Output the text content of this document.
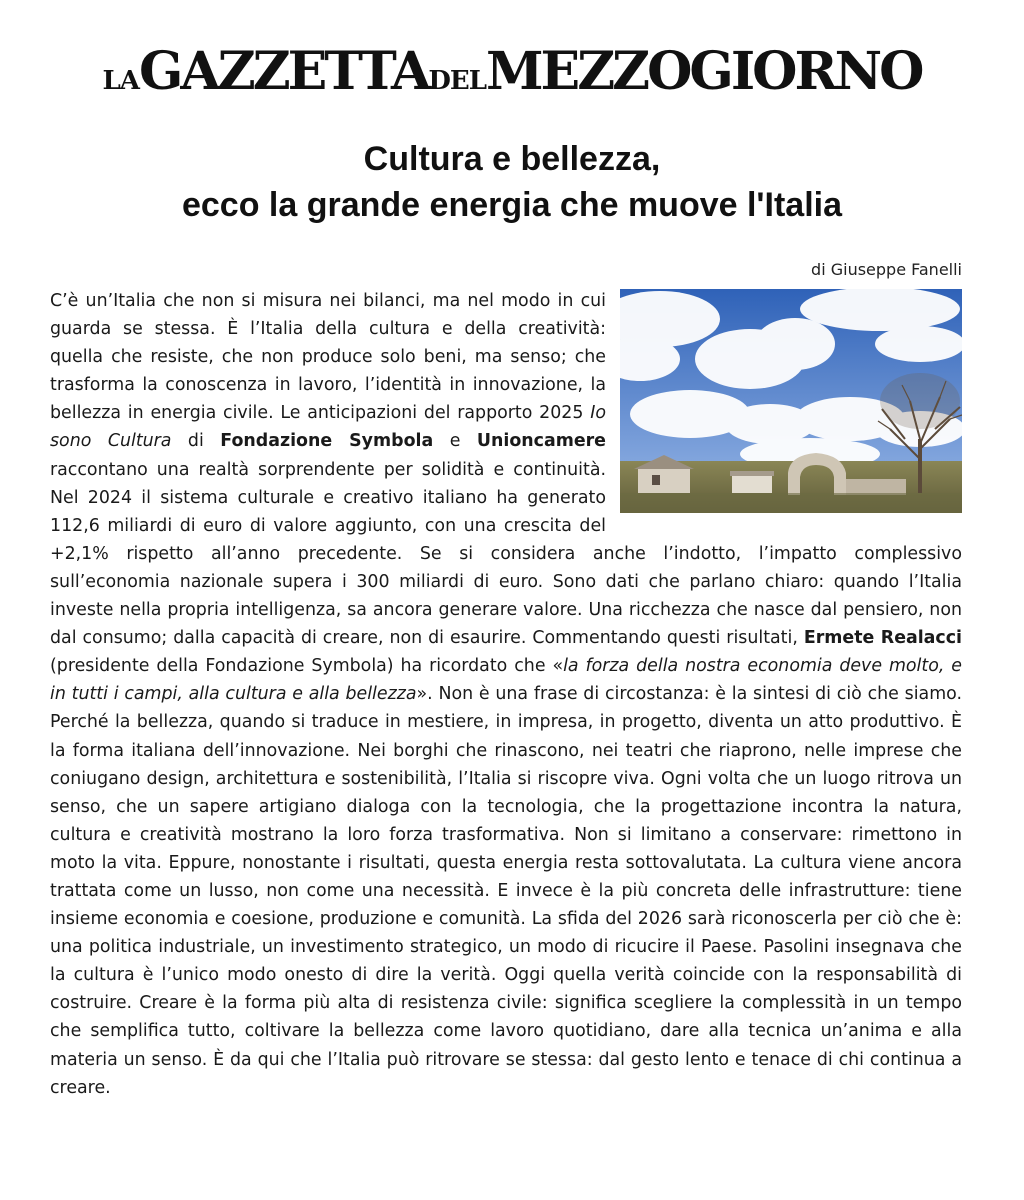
LAGAZZETTADELMEZZOGIORNO
Cultura e bellezza,
ecco la grande energia che muove l'Italia
di Giuseppe Fanelli

C’è un’Italia che non si misura nei bilanci, ma nel modo in cui guarda se stessa. È l’Italia della cultura e della creatività: quella che resiste, che non produce solo beni, ma senso; che trasforma la conoscenza in lavoro, l’identità in innovazione, la bellezza in energia civile. Le anticipazioni del rapporto 2025 Io sono Cultura di Fondazione Symbola e Unioncamere raccontano una realtà sorprendente per solidità e continuità. Nel 2024 il sistema culturale e creativo italiano ha generato 112,6 miliardi di euro di valore aggiunto, con una crescita del +2,1% rispetto all’anno precedente. Se si considera anche l’indotto, l’impatto complessivo sull’economia nazionale supera i 300 miliardi di euro. Sono dati che parlano chiaro: quando l’Italia investe nella propria intelligenza, sa ancora generare valore. Una ricchezza che nasce dal pensiero, non dal consumo; dalla capacità di creare, non di esaurire. Commentando questi risultati, Ermete Realacci (presidente della Fondazione Symbola) ha ricordato che «la forza della nostra economia deve molto, e in tutti i campi, alla cultura e alla bellezza». Non è una frase di circostanza: è la sintesi di ciò che siamo. Perché la bellezza, quando si traduce in mestiere, in impresa, in progetto, diventa un atto produttivo. È la forma italiana dell’innovazione. Nei borghi che rinascono, nei teatri che riaprono, nelle imprese che coniugano design, architettura e sostenibilità, l’Italia si riscopre viva. Ogni volta che un luogo ritrova un senso, che un sapere artigiano dialoga con la tecnologia, che la progettazione incontra la natura, cultura e creatività mostrano la loro forza trasformativa. Non si limitano a conservare: rimettono in moto la vita. Eppure, nonostante i risultati, questa energia resta sottovalutata. La cultura viene ancora trattata come un lusso, non come una necessità. E invece è la più concreta delle infrastrutture: tiene insieme economia e coesione, produzione e comunità. La sfida del 2026 sarà riconoscerla per ciò che è: una politica industriale, un investimento strategico, un modo di ricucire il Paese. Pasolini insegnava che la cultura è l’unico modo onesto di dire la verità. Oggi quella verità coincide con la responsabilità di costruire. Creare è la forma più alta di resistenza civile: significa scegliere la complessità in un tempo che semplifica tutto, coltivare la bellezza come lavoro quotidiano, dare alla tecnica un’anima e alla materia un senso. È da qui che l’Italia può ritrovare se stessa: dal gesto lento e tenace di chi continua a creare.
